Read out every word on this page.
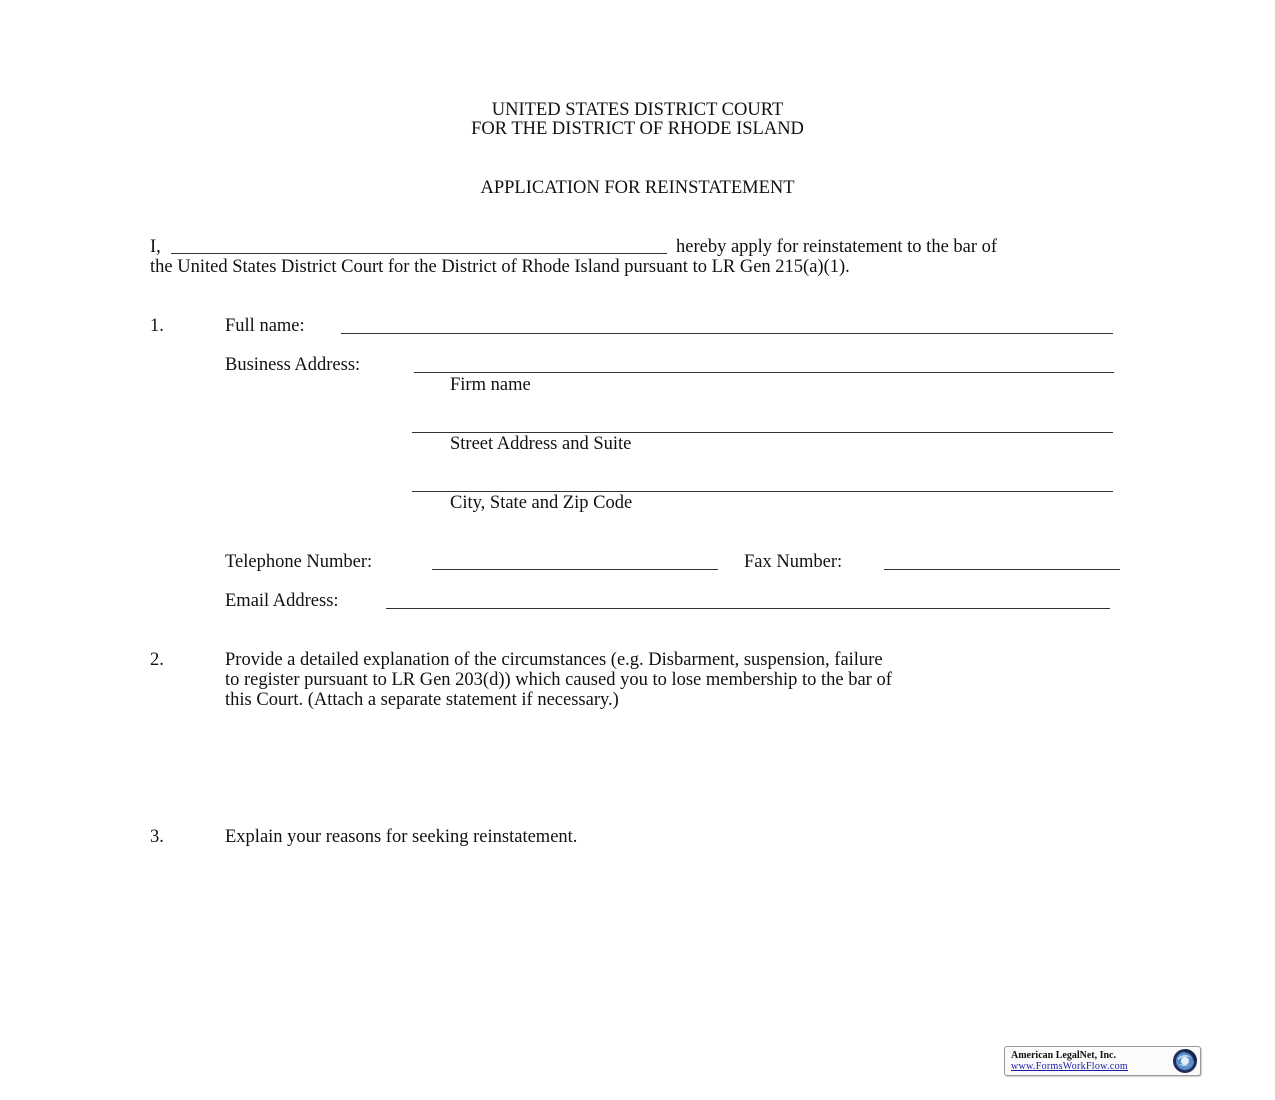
UNITED STATES DISTRICT COURT
FOR THE DISTRICT OF RHODE ISLAND
APPLICATION FOR REINSTATEMENT
I,	hereby apply for reinstatement to the bar of
the United States District Court for the District of Rhode Island pursuant to LR Gen 215(a)(1).
1.	Full name:
Business Address:
Firm name
Street Address and Suite
City, State and Zip Code
Telephone Number:	Fax Number:
Email Address:
2.	Provide a detailed explanation of the circumstances (e.g. Disbarment, suspension, failure
to register pursuant to LR Gen 203(d)) which caused you to lose membership to the bar of
this Court. (Attach a separate statement if necessary.)
3.	Explain your reasons for seeking reinstatement.
American LegalNet, Inc.
www.FormsWorkFlow.com
